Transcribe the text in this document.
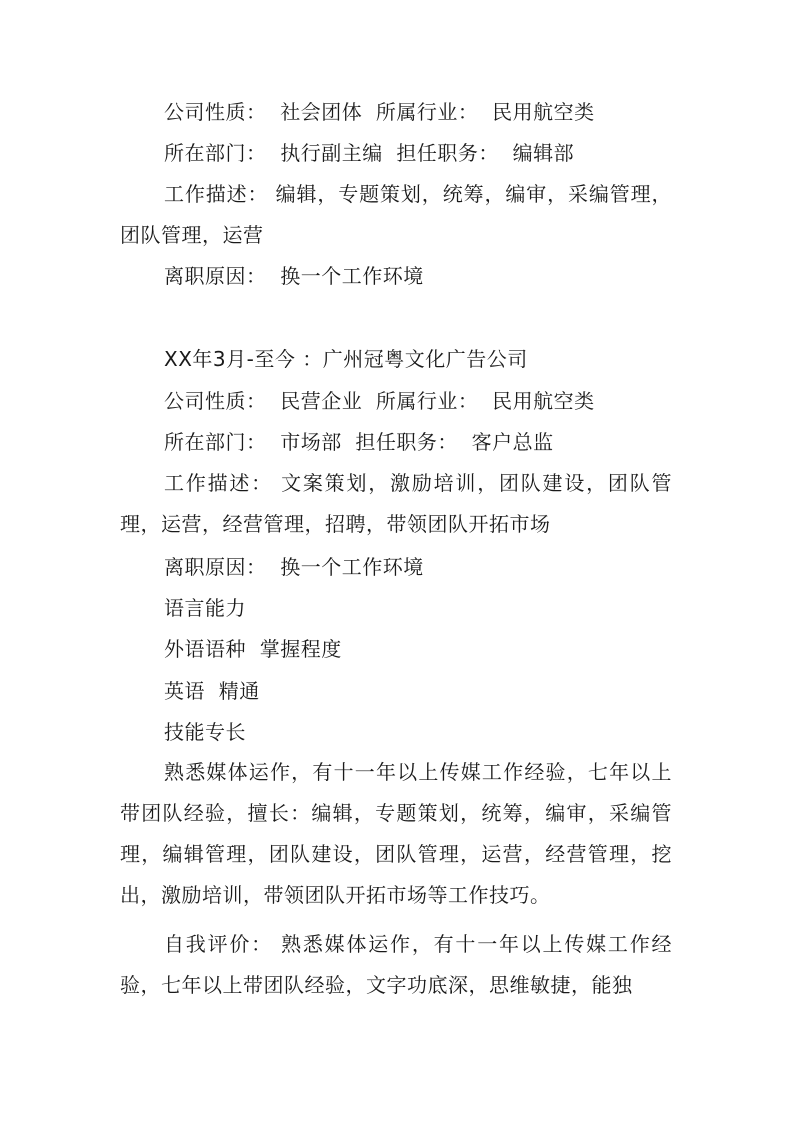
公司性质：  社会团体  所属行业：  民用航空类
所在部门：  执行副主编  担任职务：  编辑部
工作描述： 编辑，专题策划，统筹，编审，采编管理，团队管理，运营
离职原因：  换一个工作环境
XX年3月-至今 ：广州冠粤文化广告公司
公司性质：  民营企业  所属行业：  民用航空类
所在部门：  市场部  担任职务：  客户总监
工作描述： 文案策划，激励培训，团队建设，团队管理，运营，经营管理，招聘，带领团队开拓市场
离职原因：  换一个工作环境
语言能力
外语语种  掌握程度
英语  精通
技能专长
熟悉媒体运作，有十一年以上传媒工作经验，七年以上带团队经验，擅长：编辑，专题策划，统筹，编审，采编管理，编辑管理，团队建设，团队管理，运营，经营管理，挖出，激励培训，带领团队开拓市场等工作技巧。
自我评价： 熟悉媒体运作，有十一年以上传媒工作经验，七年以上带团队经验，文字功底深，思维敏捷，能独
